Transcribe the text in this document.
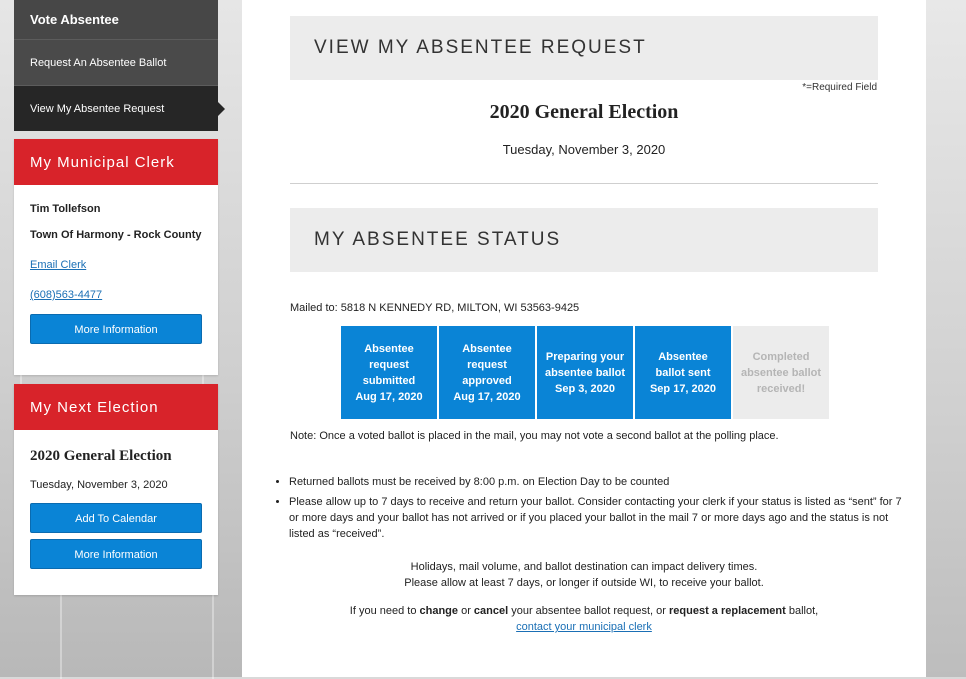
Vote Absentee
Request An Absentee Ballot
View My Absentee Request
My Municipal Clerk
Tim Tollefson
Town Of Harmony - Rock County
Email Clerk
(608)563-4477
More Information
My Next Election
2020 General Election
Tuesday, November 3, 2020
Add To Calendar
More Information
VIEW MY ABSENTEE REQUEST
*=Required Field
2020 General Election
Tuesday, November 3, 2020
MY ABSENTEE STATUS
Mailed to: 5818 N KENNEDY RD, MILTON, WI 53563-9425
Absentee
request
submitted
Aug 17, 2020
Absentee
request
approved
Aug 17, 2020
Preparing your
absentee ballot
Sep 3, 2020
Absentee
ballot sent
Sep 17, 2020
Completed
absentee ballot
received!
Note: Once a voted ballot is placed in the mail, you may not vote a second ballot at the polling place.
• Returned ballots must be received by 8:00 p.m. on Election Day to be counted
• Please allow up to 7 days to receive and return your ballot. Consider contacting your clerk if your status is listed as “sent” for 7 or more days and your ballot has not arrived or if you placed your ballot in the mail 7 or more days ago and the status is not listed as “received”.
Holidays, mail volume, and ballot destination can impact delivery times.
Please allow at least 7 days, or longer if outside WI, to receive your ballot.
If you need to change or cancel your absentee ballot request, or request a replacement ballot,
contact your municipal clerk
